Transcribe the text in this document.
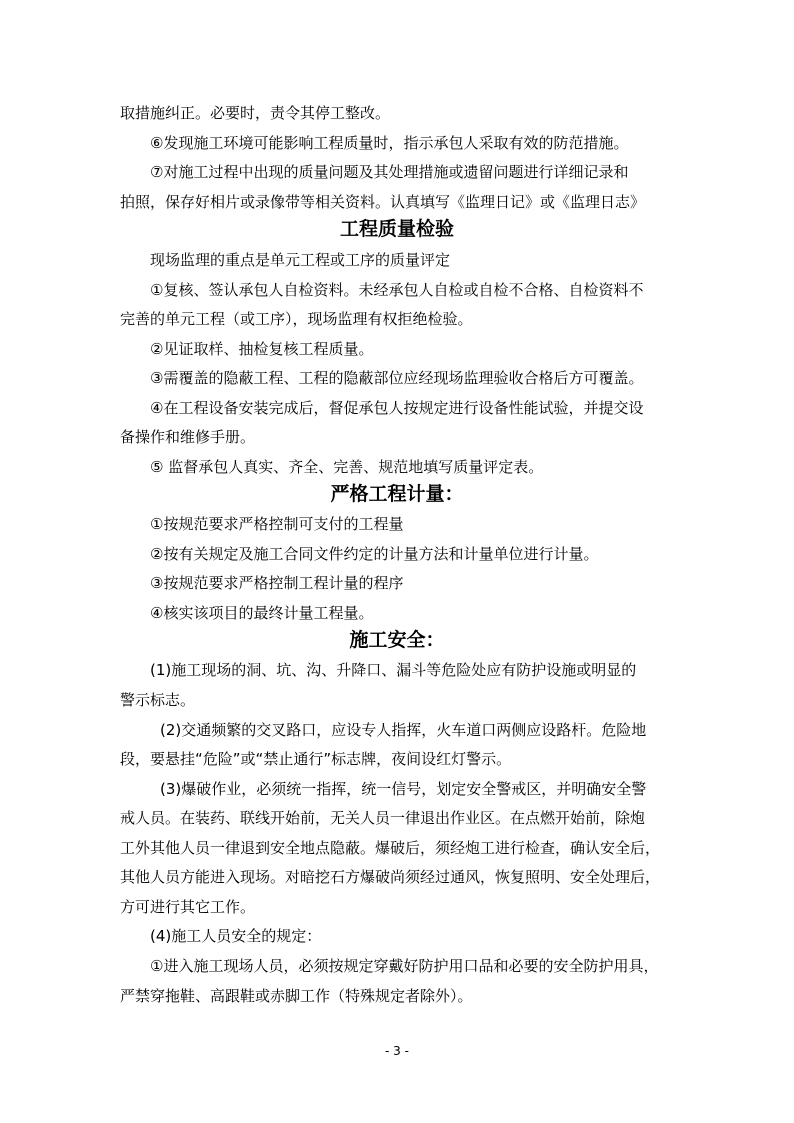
取措施纠正。必要时，责令其停工整改。
⑥发现施工环境可能影响工程质量时，指示承包人采取有效的防范措施。
⑦对施工过程中出现的质量问题及其处理措施或遗留问题进行详细记录和
拍照，保存好相片或录像带等相关资料。认真填写《监理日记》或《监理日志》
工程质量检验
现场监理的重点是单元工程或工序的质量评定
①复核、签认承包人自检资料。未经承包人自检或自检不合格、自检资料不
完善的单元工程（或工序），现场监理有权拒绝检验。
②见证取样、抽检复核工程质量。
③需覆盖的隐蔽工程、工程的隐蔽部位应经现场监理验收合格后方可覆盖。
④在工程设备安装完成后，督促承包人按规定进行设备性能试验，并提交设
备操作和维修手册。
⑤ 监督承包人真实、齐全、完善、规范地填写质量评定表。
严格工程计量：
①按规范要求严格控制可支付的工程量
②按有关规定及施工合同文件约定的计量方法和计量单位进行计量。
③按规范要求严格控制工程计量的程序
④核实该项目的最终计量工程量。
施工安全：
(1)施工现场的洞、坑、沟、升降口、漏斗等危险处应有防护设施或明显的
警示标志。
(2)交通频繁的交叉路口，应设专人指挥，火车道口两侧应设路杆。危险地
段，要悬挂“危险”或“禁止通行”标志牌，夜间设红灯警示。
(3)爆破作业，必须统一指挥，统一信号，划定安全警戒区，并明确安全警
戒人员。在装药、联线开始前，无关人员一律退出作业区。在点燃开始前，除炮
工外其他人员一律退到安全地点隐蔽。爆破后，须经炮工进行检查，确认安全后，
其他人员方能进入现场。对暗挖石方爆破尚须经过通风，恢复照明、安全处理后，
方可进行其它工作。
(4)施工人员安全的规定：
①进入施工现场人员，必须按规定穿戴好防护用口品和必要的安全防护用具，
严禁穿拖鞋、高跟鞋或赤脚工作（特殊规定者除外）。
- 3 -
